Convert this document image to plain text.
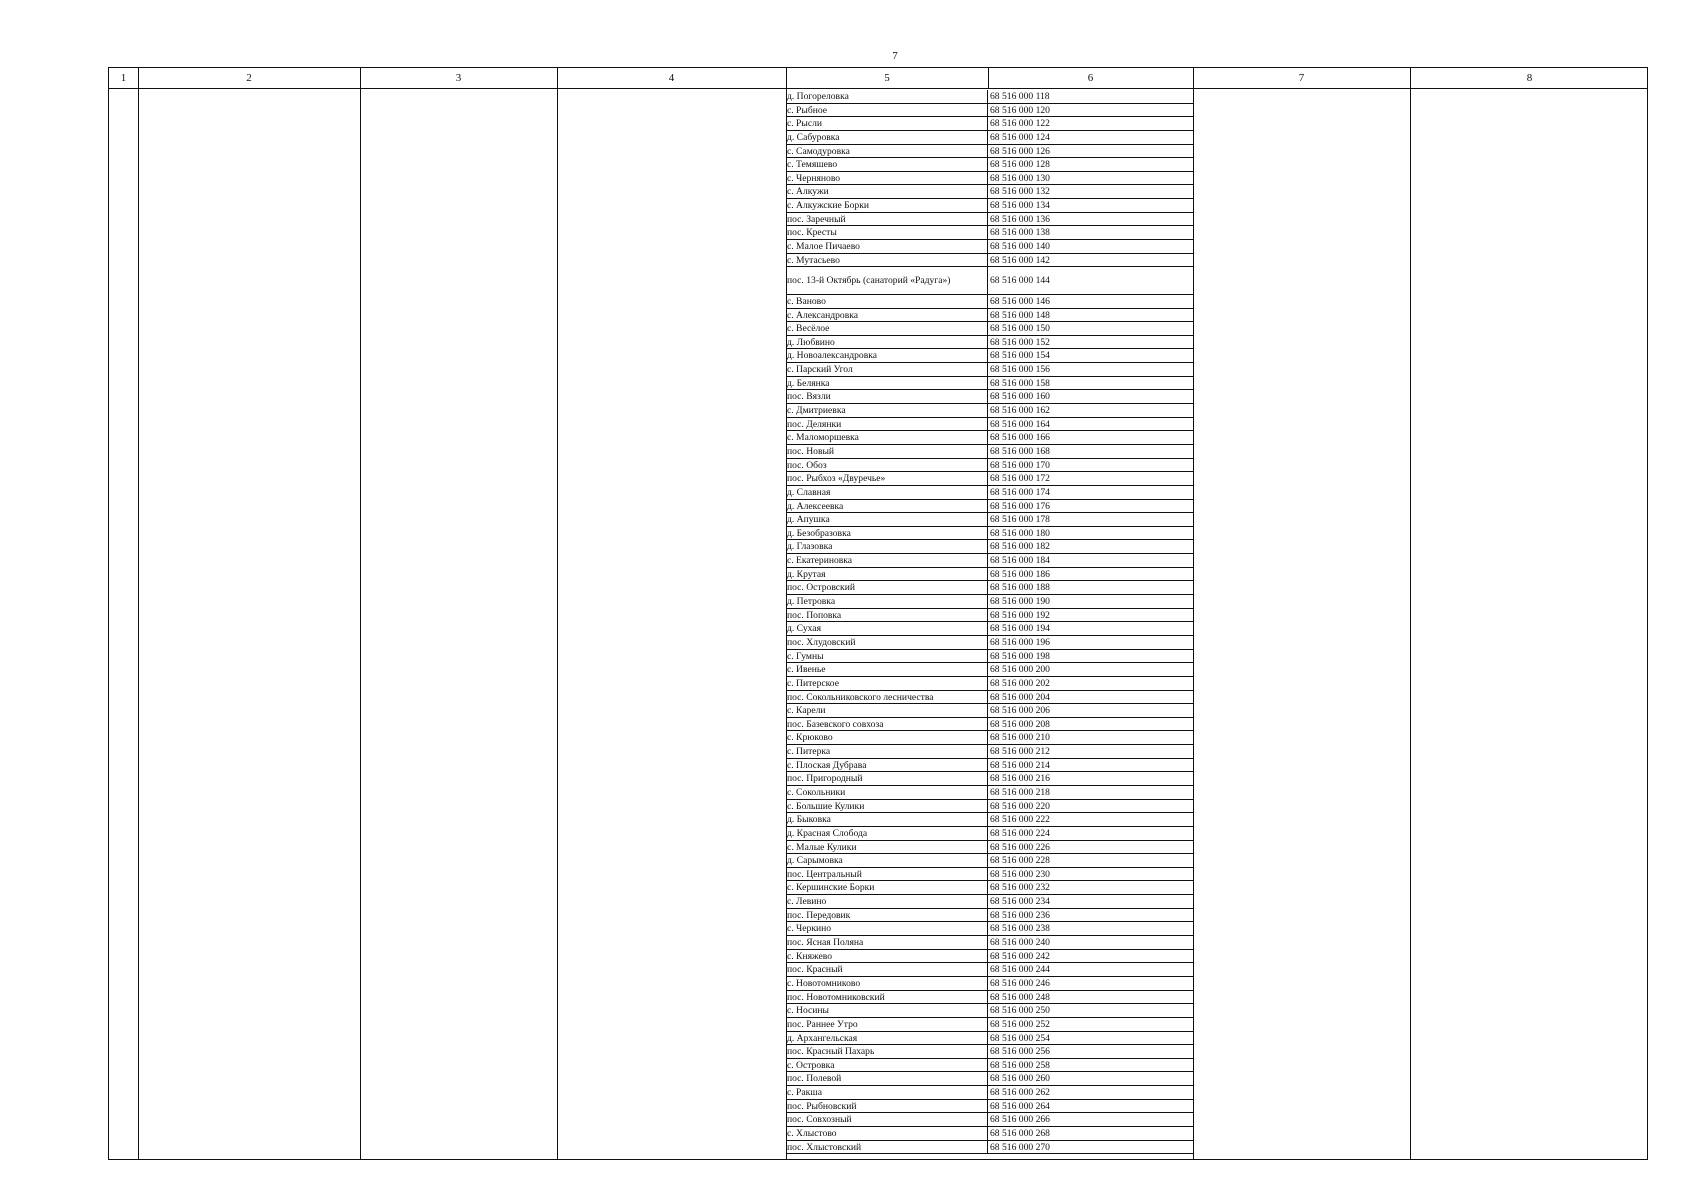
7
1	2	3	4	5	6	7	8
д. Погореловка	68 516 000 118
с. Рыбное	68 516 000 120
с. Рысли	68 516 000 122
д. Сабуровка	68 516 000 124
с. Самодуровка	68 516 000 126
с. Темяшево	68 516 000 128
с. Черняново	68 516 000 130
с. Алкужи	68 516 000 132
с. Алкужские Борки	68 516 000 134
пос. Заречный	68 516 000 136
пос. Кресты	68 516 000 138
с. Малое Пичаево	68 516 000 140
с. Мутасьево	68 516 000 142
пос. 13-й Октябрь (санаторий «Радуга»)	68 516 000 144
с. Ваново	68 516 000 146
с. Александровка	68 516 000 148
с. Весёлое	68 516 000 150
д. Любвино	68 516 000 152
д. Новоалександровка	68 516 000 154
с. Парский Угол	68 516 000 156
д. Белянка	68 516 000 158
пос. Вязли	68 516 000 160
с. Дмитриевка	68 516 000 162
пос. Делянки	68 516 000 164
с. Маломоршевка	68 516 000 166
пос. Новый	68 516 000 168
пос. Обоз	68 516 000 170
пос. Рыбхоз «Двуречье»	68 516 000 172
д. Славная	68 516 000 174
д. Алексеевка	68 516 000 176
д. Апушка	68 516 000 178
д. Безобразовка	68 516 000 180
д. Глазовка	68 516 000 182
с. Екатериновка	68 516 000 184
д. Крутая	68 516 000 186
пос. Островский	68 516 000 188
д. Петровка	68 516 000 190
пос. Поповка	68 516 000 192
д. Сухая	68 516 000 194
пос. Хлудовский	68 516 000 196
с. Гумны	68 516 000 198
с. Ивенье	68 516 000 200
с. Питерское	68 516 000 202
пос. Сокольниковского лесничества	68 516 000 204
с. Карели	68 516 000 206
пос. Базевского совхоза	68 516 000 208
с. Крюково	68 516 000 210
с. Питерка	68 516 000 212
с. Плоская Дубрава	68 516 000 214
пос. Пригородный	68 516 000 216
с. Сокольники	68 516 000 218
с. Большие Кулики	68 516 000 220
д. Быковка	68 516 000 222
д. Красная Слобода	68 516 000 224
с. Малые Кулики	68 516 000 226
д. Сарымовка	68 516 000 228
пос. Центральный	68 516 000 230
с. Кершинские Борки	68 516 000 232
с. Левино	68 516 000 234
пос. Передовик	68 516 000 236
с. Черкино	68 516 000 238
пос. Ясная Поляна	68 516 000 240
с. Княжево	68 516 000 242
пос. Красный	68 516 000 244
с. Новотомниково	68 516 000 246
пос. Новотомниковский	68 516 000 248
с. Носины	68 516 000 250
пос. Раннее Утро	68 516 000 252
д. Архангельская	68 516 000 254
пос. Красный Пахарь	68 516 000 256
с. Островка	68 516 000 258
пос. Полевой	68 516 000 260
с. Ракша	68 516 000 262
пос. Рыбновский	68 516 000 264
пос. Совхозный	68 516 000 266
с. Хлыстово	68 516 000 268
пос. Хлыстовский	68 516 000 270
